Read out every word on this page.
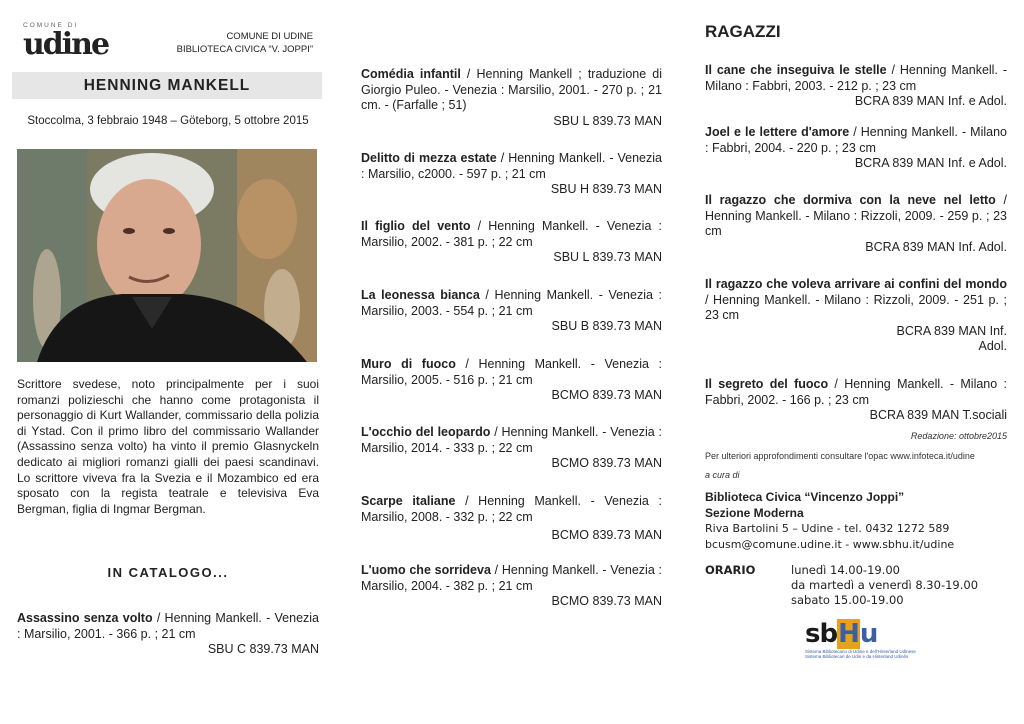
COMUNE DI
udine	COMUNE DI UDINE
BIBLIOTECA CIVICA “V. JOPPI”
HENNING MANKELL
Stoccolma, 3 febbraio 1948 – Göteborg, 5 ottobre 2015
Scrittore svedese, noto principalmente per i suoi romanzi polizieschi che hanno come protagonista il personaggio di Kurt Wallander, commissario della polizia di Ystad. Con il primo libro del commissario Wallander (Assassino senza volto) ha vinto il premio Glasnyckeln dedicato ai migliori romanzi gialli dei paesi scandinavi. Lo scrittore viveva fra la Svezia e il Mozambico ed era sposato con la regista teatrale e televisiva Eva Bergman, figlia di Ingmar Bergman.
IN CATALOGO...
Assassino senza volto / Henning Mankell. - Venezia : Marsilio, 2001. - 366 p. ; 21 cm
SBU C 839.73 MAN
Comédia infantil / Henning Mankell ; traduzione di Giorgio Puleo. - Venezia : Marsilio, 2001. - 270 p. ; 21 cm. - (Farfalle ; 51)
SBU L 839.73 MAN
Delitto di mezza estate / Henning Mankell. - Venezia : Marsilio, c2000. - 597 p. ; 21 cm
SBU H 839.73 MAN
Il figlio del vento / Henning Mankell. - Venezia : Marsilio, 2002. - 381 p. ; 22 cm
SBU L 839.73 MAN
La leonessa bianca / Henning Mankell. - Venezia : Marsilio, 2003. - 554 p. ; 21 cm
SBU B 839.73 MAN
Muro di fuoco / Henning Mankell. - Venezia : Marsilio, 2005. - 516 p. ; 21 cm
BCMO 839.73 MAN
L'occhio del leopardo / Henning Mankell. - Venezia : Marsilio, 2014. - 333 p. ; 22 cm
BCMO 839.73 MAN
Scarpe italiane / Henning Mankell. - Venezia : Marsilio, 2008. - 332 p. ; 22 cm
BCMO 839.73 MAN
L'uomo che sorrideva / Henning Mankell. - Venezia : Marsilio, 2004. - 382 p. ; 21 cm
BCMO 839.73 MAN
RAGAZZI
Il cane che inseguiva le stelle / Henning Mankell. - Milano : Fabbri, 2003. - 212 p. ; 23 cm
BCRA 839 MAN Inf. e Adol.
Joel e le lettere d'amore / Henning Mankell. - Milano : Fabbri, 2004. - 220 p. ; 23 cm
BCRA 839 MAN Inf. e Adol.
Il ragazzo che dormiva con la neve nel letto / Henning Mankell. - Milano : Rizzoli, 2009. - 259 p. ; 23 cm
BCRA 839 MAN Inf. Adol.
Il ragazzo che voleva arrivare ai confini del mondo / Henning Mankell. - Milano : Rizzoli, 2009. - 251 p. ; 23 cm
BCRA 839 MAN Inf. Adol.
Il segreto del fuoco / Henning Mankell. - Milano : Fabbri, 2002. - 166 p. ; 23 cm
BCRA 839 MAN T.sociali
Redazione: ottobre2015
Per ulteriori approfondimenti consultare l'opac www.infoteca.it/udine
a cura di
Biblioteca Civica “Vincenzo Joppi”
Sezione Moderna
Riva Bartolini 5 – Udine - tel. 0432 1272 589
bcusm@comune.udine.it - www.sbhu.it/udine
ORARIO	lunedì 14.00-19.00
da martedì a venerdì 8.30-19.00
sabato 15.00-19.00
sbHu
Sistema Bibliotecario di Udine e dell'Hinterland Udinese
Sistema Bibliotecari de Udin e da Hinterland Udinês
